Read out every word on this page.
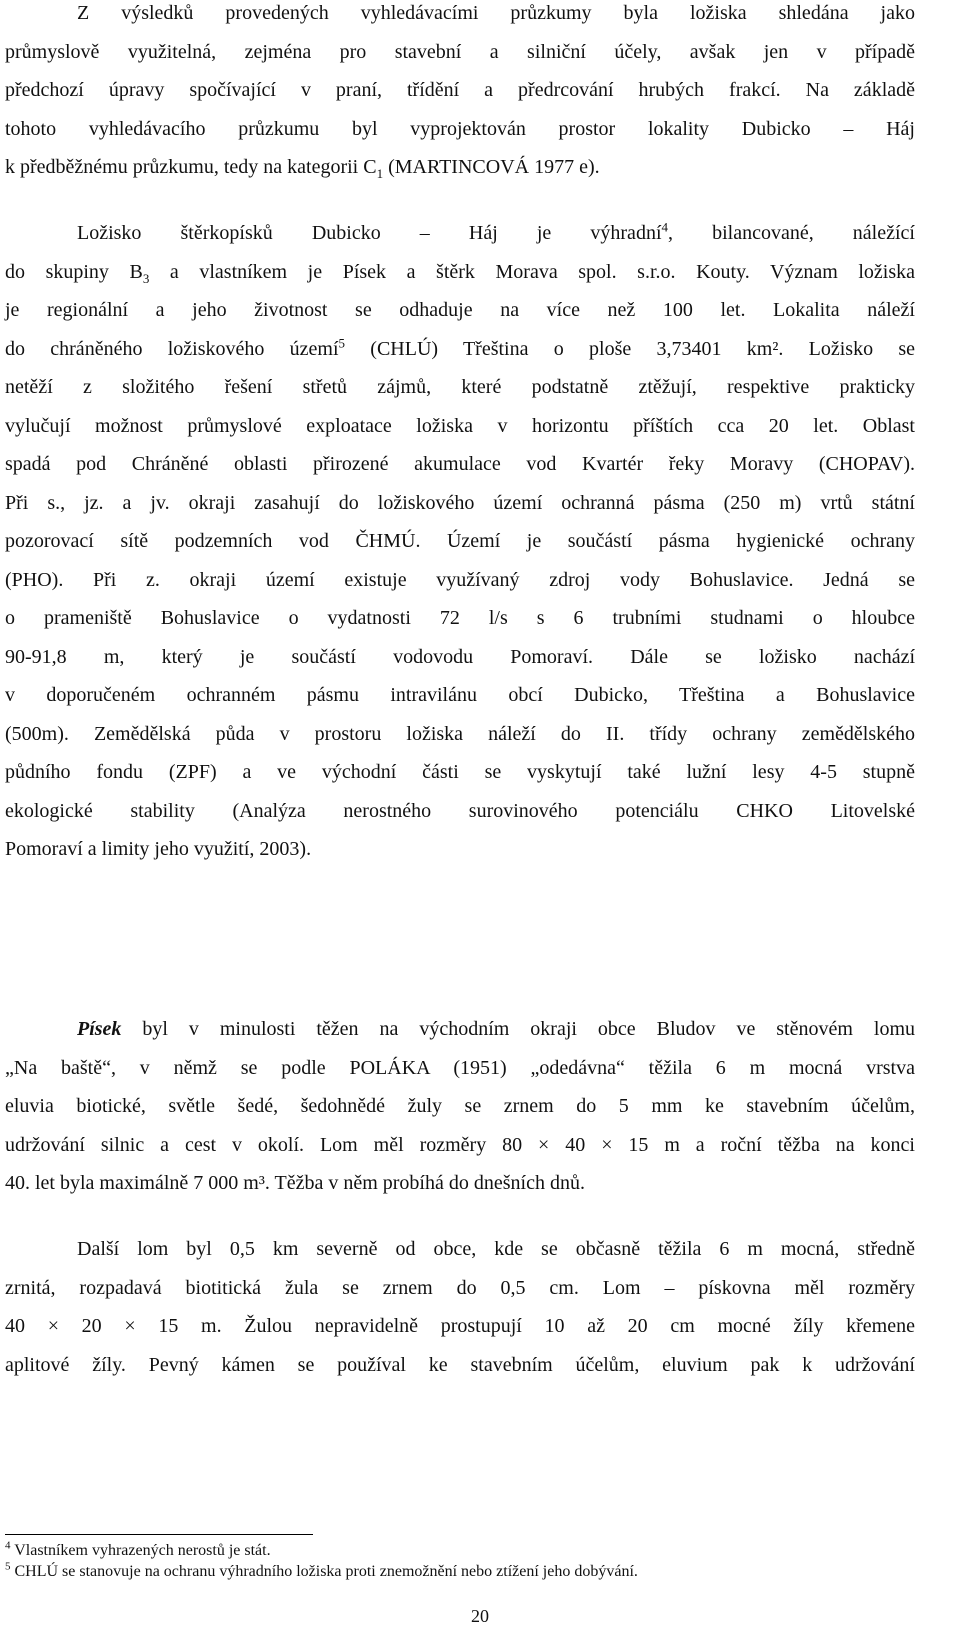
Z výsledků provedených vyhledávacími průzkumy byla ložiska shledána jako
průmyslově využitelná, zejména pro stavební a silniční účely, avšak jen v případě
předchozí úpravy spočívající v praní, třídění a předrcování hrubých frakcí. Na základě
tohoto vyhledávacího průzkumu byl vyprojektován prostor lokality Dubicko – Háj
k předběžnému průzkumu, tedy na kategorii $C_1$ (MARTINCOVÁ 1977 e).
Ložisko štěrkopísků Dubicko – Háj je výhradní$^4$, bilancované, náležící
do skupiny $B_3$ a vlastníkem je Písek a štěrk Morava spol. s.r.o. Kouty. Význam ložiska
je regionální a jeho životnost se odhaduje na více než 100 let. Lokalita náleží
do chráněného ložiskového území$^5$ (CHLÚ) Třeština o ploše 3,73401 km². Ložisko se
netěží z složitého řešení střetů zájmů, které podstatně ztěžují, respektive prakticky
vylučují možnost průmyslové exploatace ložiska v horizontu příštích cca 20 let. Oblast
spadá pod Chráněné oblasti přirozené akumulace vod Kvartér řeky Moravy (CHOPAV).
Při s., jz. a jv. okraji zasahují do ložiskového území ochranná pásma (250 m) vrtů státní
pozorovací sítě podzemních vod ČHMÚ. Území je součástí pásma hygienické ochrany
(PHO). Při z. okraji území existuje využívaný zdroj vody Bohuslavice. Jedná se
o prameniště Bohuslavice o vydatnosti 72 l/s s 6 trubními studnami o hloubce
90-91,8 m, který je součástí vodovodu Pomoraví. Dále se ložisko nachází
v doporučeném ochranném pásmu intravilánu obcí Dubicko, Třeština a Bohuslavice
(500m). Zemědělská půda v prostoru ložiska náleží do II. třídy ochrany zemědělského
půdního fondu (ZPF) a ve východní části se vyskytují také lužní lesy 4-5 stupně
ekologické stability (Analýza nerostného surovinového potenciálu CHKO Litovelské
Pomoraví a limity jeho využití, 2003).
Písek byl v minulosti těžen na východním okraji obce Bludov ve stěnovém lomu
„Na baště“, v němž se podle POLÁKA (1951) „odedávna“ těžila 6 m mocná vrstva
eluvia biotické, světle šedé, šedohnědé žuly se zrnem do 5 mm ke stavebním účelům,
udržování silnic a cest v okolí. Lom měl rozměry 80 × 40 × 15 m a roční těžba na konci
40. let byla maximálně 7 000 m³. Těžba v něm probíhá do dnešních dnů.
Další lom byl 0,5 km severně od obce, kde se občasně těžila 6 m mocná, středně
zrnitá, rozpadavá biotitická žula se zrnem do 0,5 cm. Lom – pískovna měl rozměry
40 × 20 × 15 m. Žulou nepravidelně prostupují 10 až 20 cm mocné žíly křemene
aplitové žíly. Pevný kámen se používal ke stavebním účelům, eluvium pak k udržování
$^4$ Vlastníkem vyhrazených nerostů je stát.
$^5$ CHLÚ se stanovuje na ochranu výhradního ložiska proti znemožnění nebo ztížení jeho dobývání.
20
